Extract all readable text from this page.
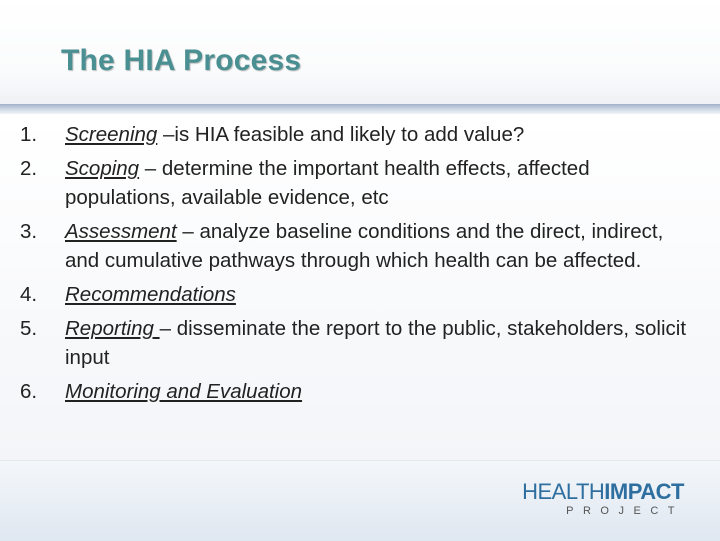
The HIA Process
1.	Screening –is HIA feasible and likely to add value?
2.	Scoping – determine the important health effects, affected populations, available evidence, etc
3.	Assessment – analyze baseline conditions and the direct, indirect, and cumulative pathways through which health can be affected.
4.	Recommendations
5.	Reporting – disseminate the report to the public, stakeholders, solicit input
6.	Monitoring and Evaluation
HEALTHIMPACT
PROJECT
